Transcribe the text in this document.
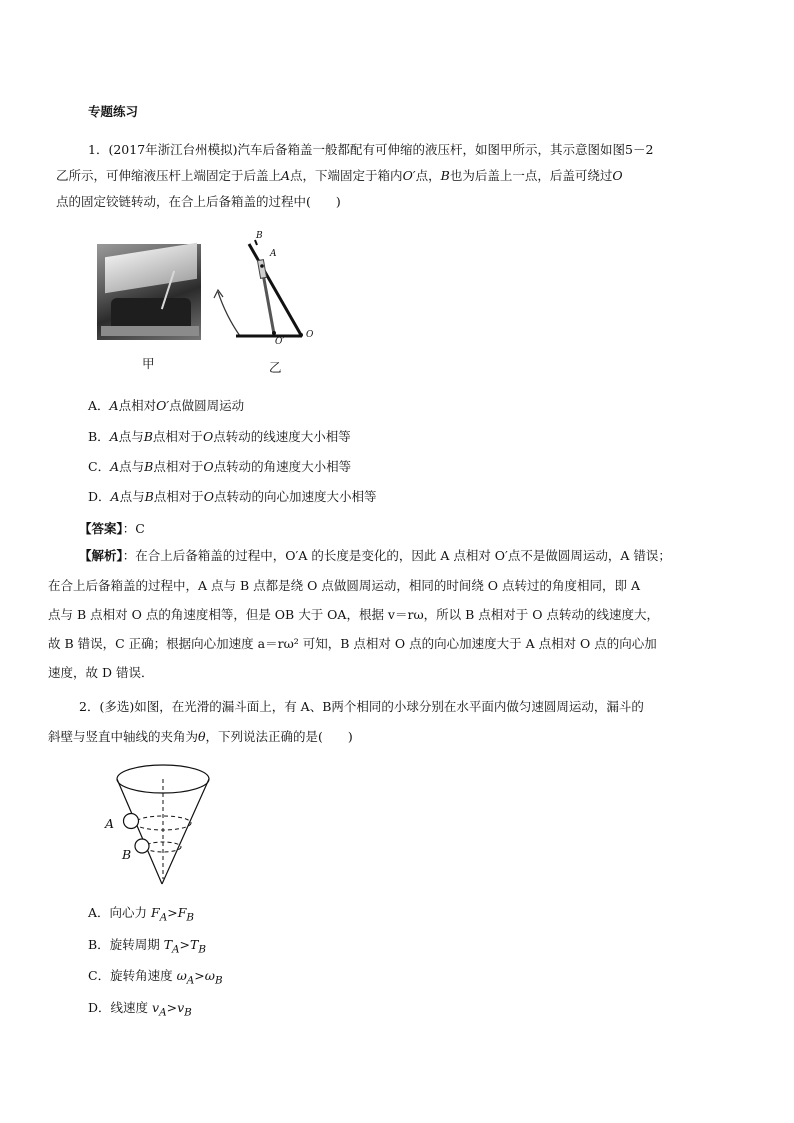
专题练习
1．(2017年浙江台州模拟)汽车后备箱盖一般都配有可伸缩的液压杆，如图甲所示，其示意图如图5－2
乙所示，可伸缩液压杆上端固定于后盖上A点，下端固定于箱内O′点，B也为后盖上一点，后盖可绕过O
点的固定铰链转动，在合上后备箱盖的过程中(　　)
甲
B
A
O′
O
乙
A．A点相对O′点做圆周运动
B．A点与B点相对于O点转动的线速度大小相等
C．A点与B点相对于O点转动的角速度大小相等
D．A点与B点相对于O点转动的向心加速度大小相等
【答案】：C
【解析】：在合上后备箱盖的过程中，O′A 的长度是变化的，因此 A 点相对 O′点不是做圆周运动，A 错误；
在合上后备箱盖的过程中，A 点与 B 点都是绕 O 点做圆周运动，相同的时间绕 O 点转过的角度相同，即 A
点与 B 点相对 O 点的角速度相等，但是 OB 大于 OA，根据 v＝rω，所以 B 点相对于 O 点转动的线速度大，
故 B 错误，C 正确；根据向心加速度 a＝rω² 可知，B 点相对 O 点的向心加速度大于 A 点相对 O 点的向心加
速度，故 D 错误．
2．(多选)如图，在光滑的漏斗面上，有 A、B两个相同的小球分别在水平面内做匀速圆周运动，漏斗的
斜壁与竖直中轴线的夹角为θ，下列说法正确的是(　　)
A
B
A．向心力 $F_A>F_B$
B．旋转周期 $T_A>T_B$
C．旋转角速度 $\omega_A>\omega_B$
D．线速度 $v_A>v_B$
